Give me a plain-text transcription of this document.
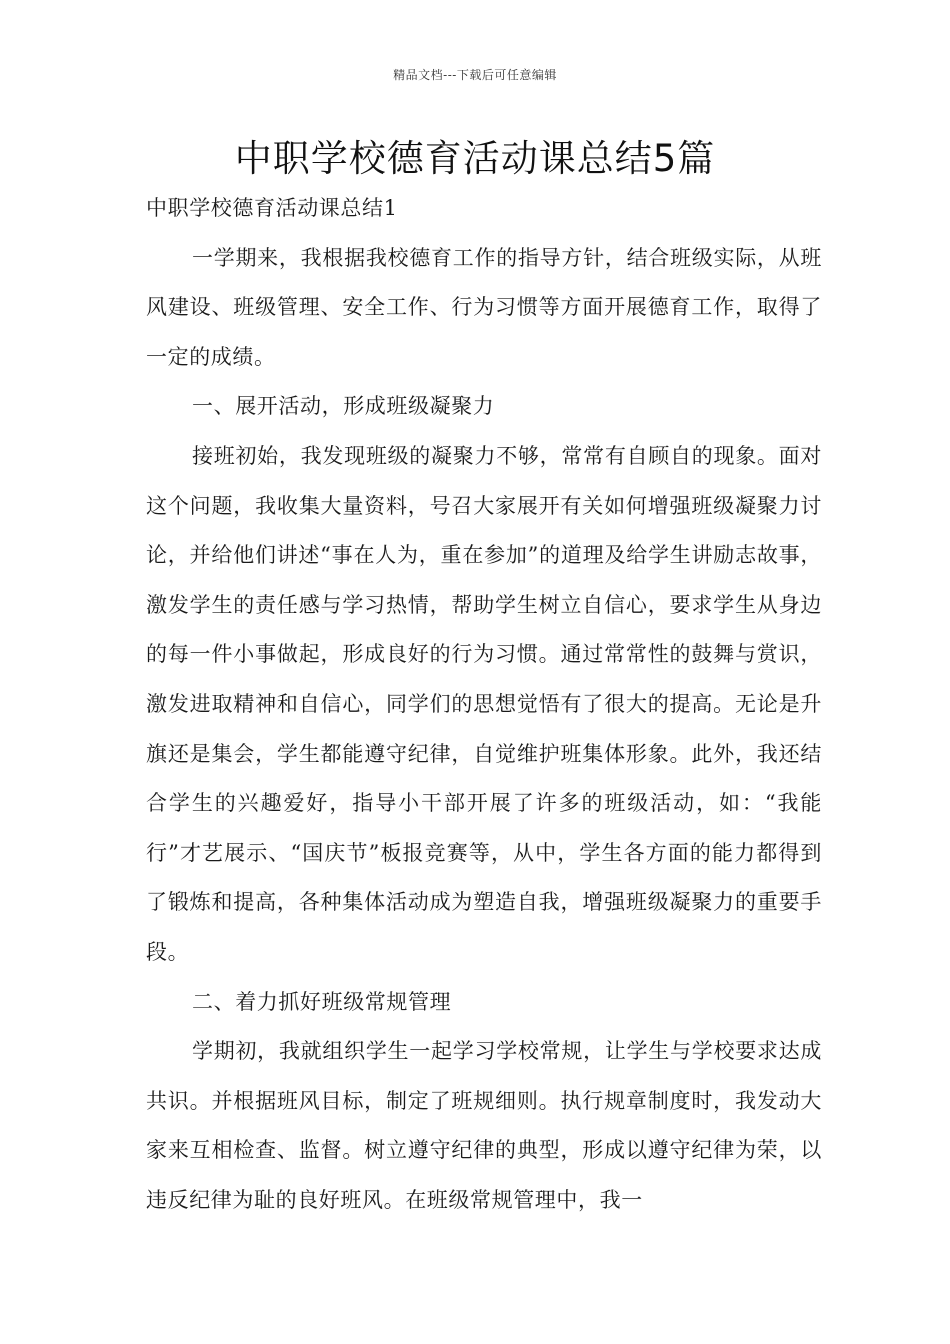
精品文档---下载后可任意编辑
中职学校德育活动课总结5篇

中职学校德育活动课总结1

一学期来，我根据我校德育工作的指导方针，结合班级实际，从班风建设、班级管理、安全工作、行为习惯等方面开展德育工作，取得了一定的成绩。

一、展开活动，形成班级凝聚力

接班初始，我发现班级的凝聚力不够，常常有自顾自的现象。面对这个问题，我收集大量资料，号召大家展开有关如何增强班级凝聚力讨论，并给他们讲述“事在人为，重在参加”的道理及给学生讲励志故事，激发学生的责任感与学习热情，帮助学生树立自信心，要求学生从身边的每一件小事做起，形成良好的行为习惯。通过常常性的鼓舞与赏识，激发进取精神和自信心，同学们的思想觉悟有了很大的提高。无论是升旗还是集会，学生都能遵守纪律，自觉维护班集体形象。此外，我还结合学生的兴趣爱好，指导小干部开展了许多的班级活动，如：“我能行”才艺展示、“国庆节”板报竞赛等，从中，学生各方面的能力都得到了锻炼和提高，各种集体活动成为塑造自我，增强班级凝聚力的重要手段。

二、着力抓好班级常规管理

学期初，我就组织学生一起学习学校常规，让学生与学校要求达成共识。并根据班风目标，制定了班规细则。执行规章制度时，我发动大家来互相检查、监督。树立遵守纪律的典型，形成以遵守纪律为荣，以违反纪律为耻的良好班风。在班级常规管理中，我一
